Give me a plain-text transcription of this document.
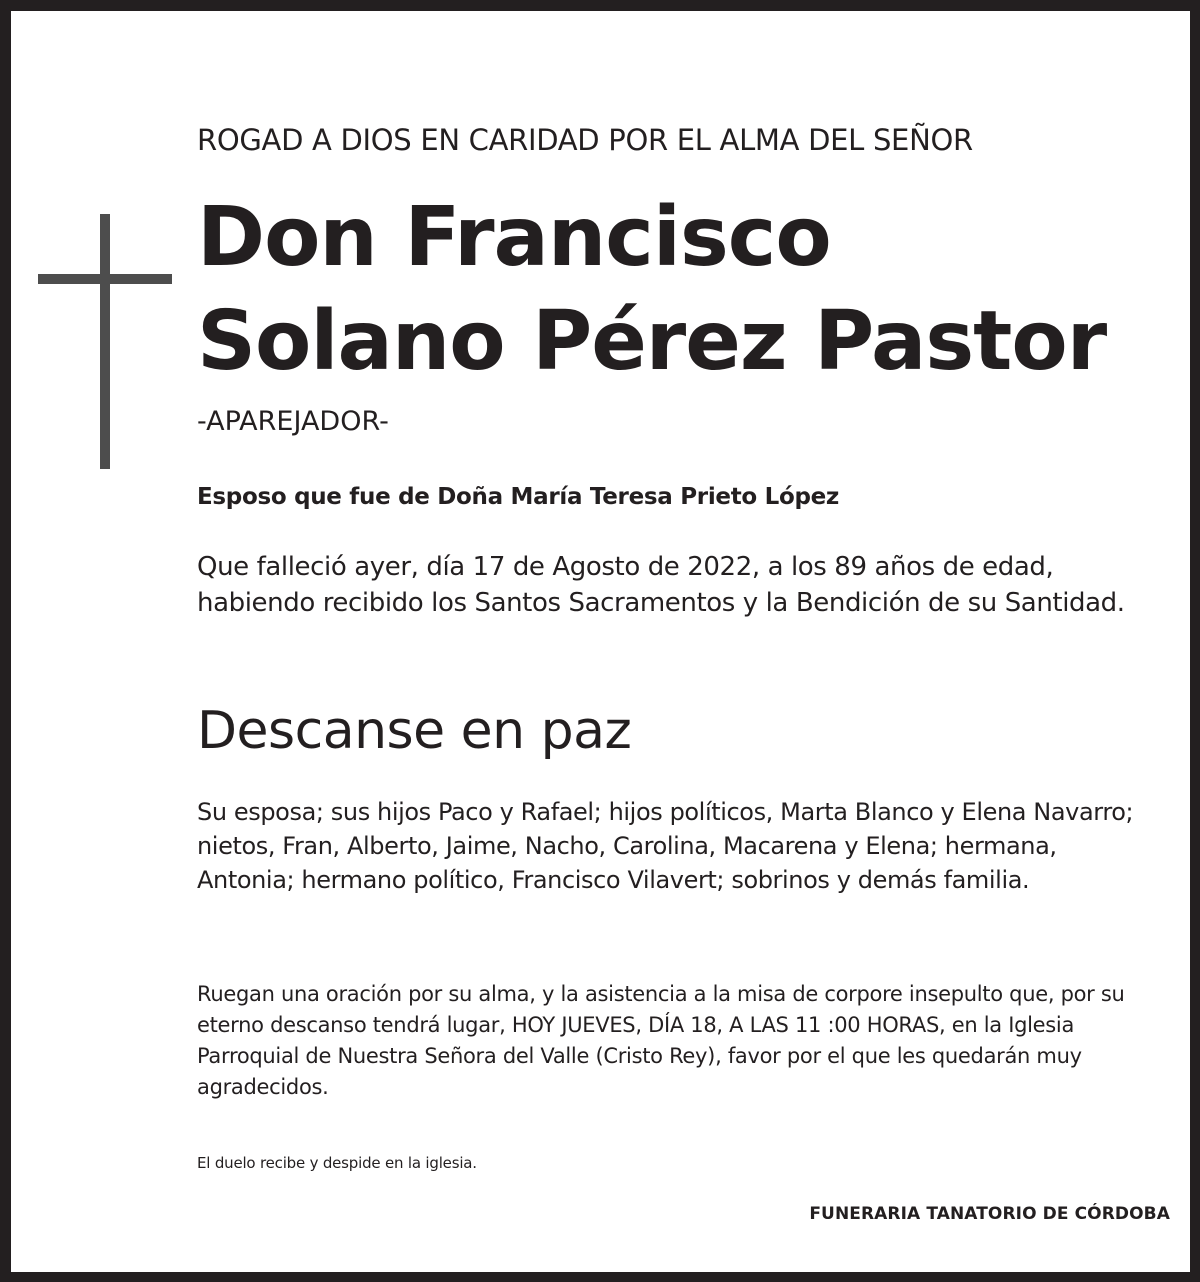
ROGAD A DIOS EN CARIDAD POR EL ALMA DEL SEÑOR

Don Francisco
Solano Pérez Pastor

-APAREJADOR-

Esposo que fue de Doña María Teresa Prieto López

Que falleció ayer, día 17 de Agosto de 2022, a los 89 años de edad, habiendo recibido los Santos Sacramentos y la Bendición de su Santidad.

Descanse en paz

Su esposa; sus hijos Paco y Rafael; hijos políticos, Marta Blanco y Elena Navarro; nietos, Fran, Alberto, Jaime, Nacho, Carolina, Macarena y Elena; hermana, Antonia; hermano político, Francisco Vilavert; sobrinos y demás familia.

Ruegan una oración por su alma, y la asistencia a la misa de corpore insepulto que, por su eterno descanso tendrá lugar, HOY JUEVES, DÍA 18, A LAS 11 :00 HORAS, en la Iglesia Parroquial de Nuestra Señora del Valle (Cristo Rey), favor por el que les quedarán muy agradecidos.

El duelo recibe y despide en la iglesia.

FUNERARIA TANATORIO DE CÓRDOBA
